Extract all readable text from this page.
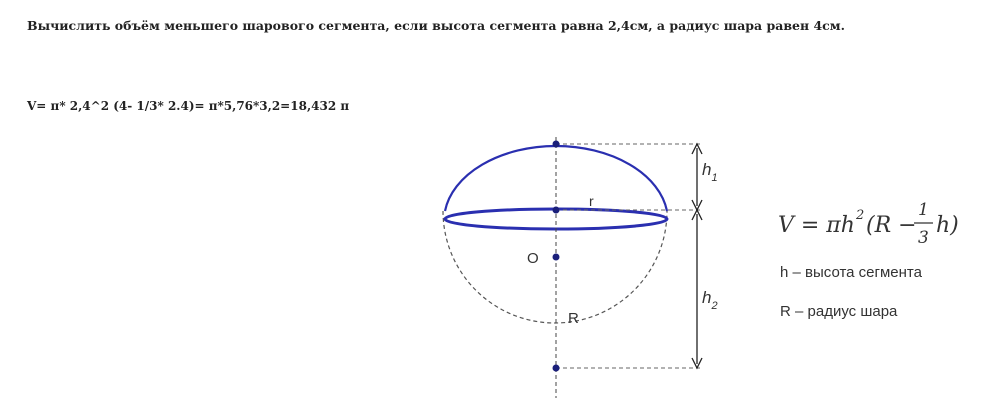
Вычислить объём меньшего шарового сегмента, если высота сегмента равна 2,4см, а радиус шара равен 4см.
V= π* 2,4^2 (4- 1/3* 2.4)= π*5,76*3,2=18,432 π
r
O
R
$h_1$
$h_2$
V = πh 2 (R −
1
3 h)
h – высота сегмента
R – радиус шара
